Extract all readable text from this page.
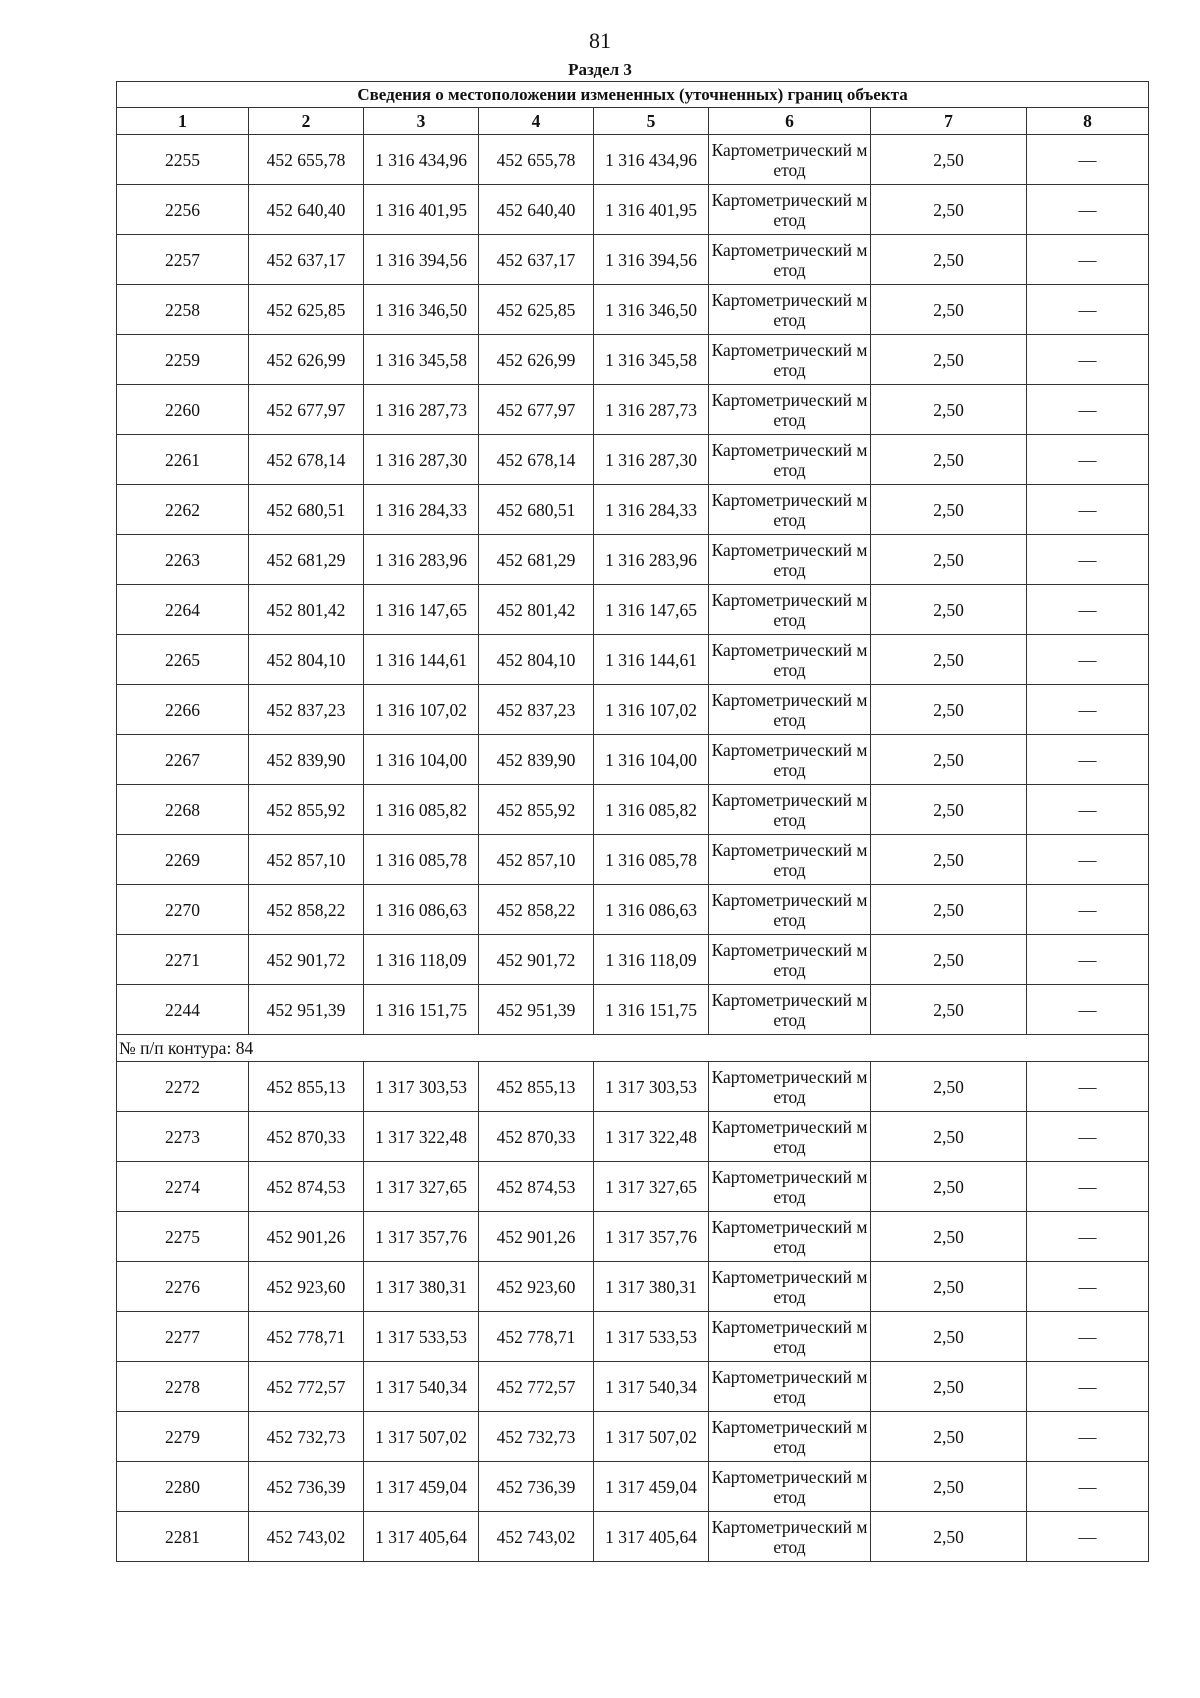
81
Раздел 3
Сведения о местоположении измененных (уточненных) границ объекта							
1	2	3	4	5	6	7	8
2255	452 655,78	1 316 434,96	452 655,78	1 316 434,96	Картометрический метод	2,50	—
2256	452 640,40	1 316 401,95	452 640,40	1 316 401,95	Картометрический метод	2,50	—
2257	452 637,17	1 316 394,56	452 637,17	1 316 394,56	Картометрический метод	2,50	—
2258	452 625,85	1 316 346,50	452 625,85	1 316 346,50	Картометрический метод	2,50	—
2259	452 626,99	1 316 345,58	452 626,99	1 316 345,58	Картометрический метод	2,50	—
2260	452 677,97	1 316 287,73	452 677,97	1 316 287,73	Картометрический метод	2,50	—
2261	452 678,14	1 316 287,30	452 678,14	1 316 287,30	Картометрический метод	2,50	—
2262	452 680,51	1 316 284,33	452 680,51	1 316 284,33	Картометрический метод	2,50	—
2263	452 681,29	1 316 283,96	452 681,29	1 316 283,96	Картометрический метод	2,50	—
2264	452 801,42	1 316 147,65	452 801,42	1 316 147,65	Картометрический метод	2,50	—
2265	452 804,10	1 316 144,61	452 804,10	1 316 144,61	Картометрический метод	2,50	—
2266	452 837,23	1 316 107,02	452 837,23	1 316 107,02	Картометрический метод	2,50	—
2267	452 839,90	1 316 104,00	452 839,90	1 316 104,00	Картометрический метод	2,50	—
2268	452 855,92	1 316 085,82	452 855,92	1 316 085,82	Картометрический метод	2,50	—
2269	452 857,10	1 316 085,78	452 857,10	1 316 085,78	Картометрический метод	2,50	—
2270	452 858,22	1 316 086,63	452 858,22	1 316 086,63	Картометрический метод	2,50	—
2271	452 901,72	1 316 118,09	452 901,72	1 316 118,09	Картометрический метод	2,50	—
2244	452 951,39	1 316 151,75	452 951,39	1 316 151,75	Картометрический метод	2,50	—
№ п/п контура: 84							
2272	452 855,13	1 317 303,53	452 855,13	1 317 303,53	Картометрический метод	2,50	—
2273	452 870,33	1 317 322,48	452 870,33	1 317 322,48	Картометрический метод	2,50	—
2274	452 874,53	1 317 327,65	452 874,53	1 317 327,65	Картометрический метод	2,50	—
2275	452 901,26	1 317 357,76	452 901,26	1 317 357,76	Картометрический метод	2,50	—
2276	452 923,60	1 317 380,31	452 923,60	1 317 380,31	Картометрический метод	2,50	—
2277	452 778,71	1 317 533,53	452 778,71	1 317 533,53	Картометрический метод	2,50	—
2278	452 772,57	1 317 540,34	452 772,57	1 317 540,34	Картометрический метод	2,50	—
2279	452 732,73	1 317 507,02	452 732,73	1 317 507,02	Картометрический метод	2,50	—
2280	452 736,39	1 317 459,04	452 736,39	1 317 459,04	Картометрический метод	2,50	—
2281	452 743,02	1 317 405,64	452 743,02	1 317 405,64	Картометрический метод	2,50	—
